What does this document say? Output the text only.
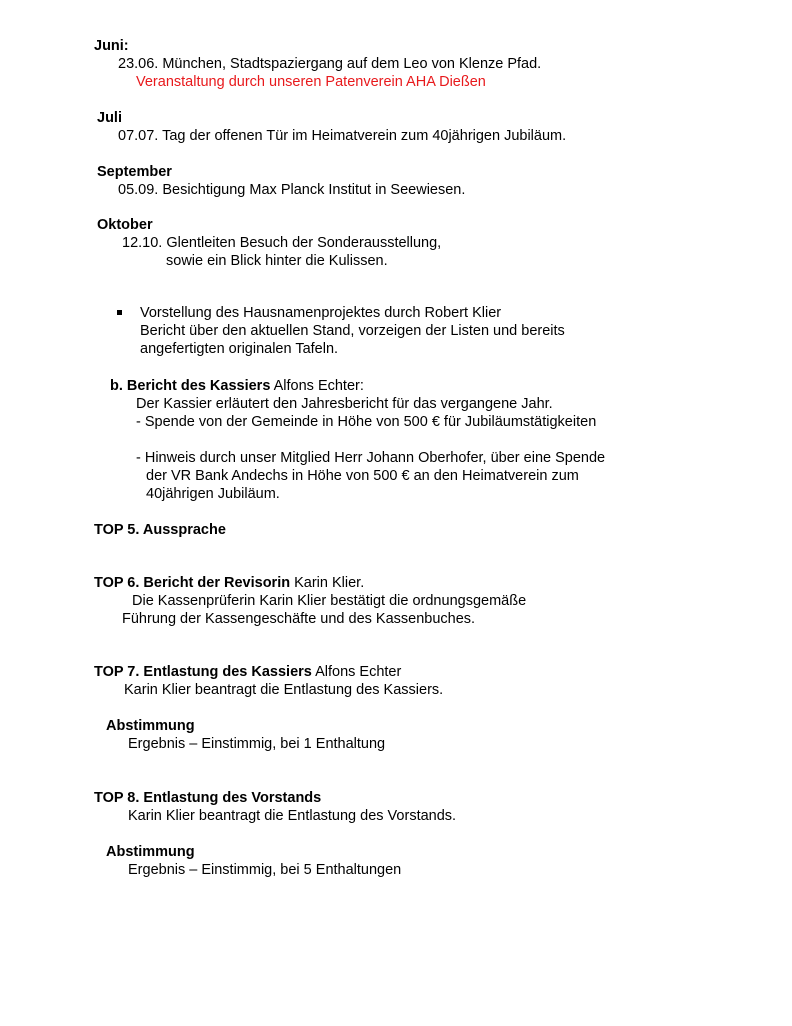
Juni:
23.06. München, Stadtspaziergang auf dem Leo von Klenze Pfad.
Veranstaltung durch unseren Patenverein AHA Dießen
Juli
07.07. Tag der offenen Tür im Heimatverein zum 40jährigen Jubiläum.
September
05.09. Besichtigung Max Planck Institut in Seewiesen.
Oktober
12.10. Glentleiten Besuch der Sonderausstellung,
sowie ein Blick hinter die Kulissen.
Vorstellung des Hausnamenprojektes durch Robert Klier
Bericht über den aktuellen Stand, vorzeigen der Listen und bereits
angefertigten originalen Tafeln.
b. Bericht des Kassiers Alfons Echter:
Der Kassier erläutert den Jahresbericht für das vergangene Jahr.
- Spende von der Gemeinde in Höhe von 500 € für Jubiläumstätigkeiten
- Hinweis durch unser Mitglied Herr Johann Oberhofer, über eine Spende
der VR Bank Andechs in Höhe von 500 € an den Heimatverein zum
40jährigen Jubiläum.
TOP 5. Aussprache
TOP 6. Bericht der Revisorin Karin Klier.
Die Kassenprüferin Karin Klier bestätigt die ordnungsgemäße
Führung der Kassengeschäfte und des Kassenbuches.
TOP 7. Entlastung des Kassiers Alfons Echter
Karin Klier beantragt die Entlastung des Kassiers.
Abstimmung
Ergebnis – Einstimmig, bei 1 Enthaltung
TOP 8. Entlastung des Vorstands
Karin Klier beantragt die Entlastung des Vorstands.
Abstimmung
Ergebnis – Einstimmig, bei 5 Enthaltungen
